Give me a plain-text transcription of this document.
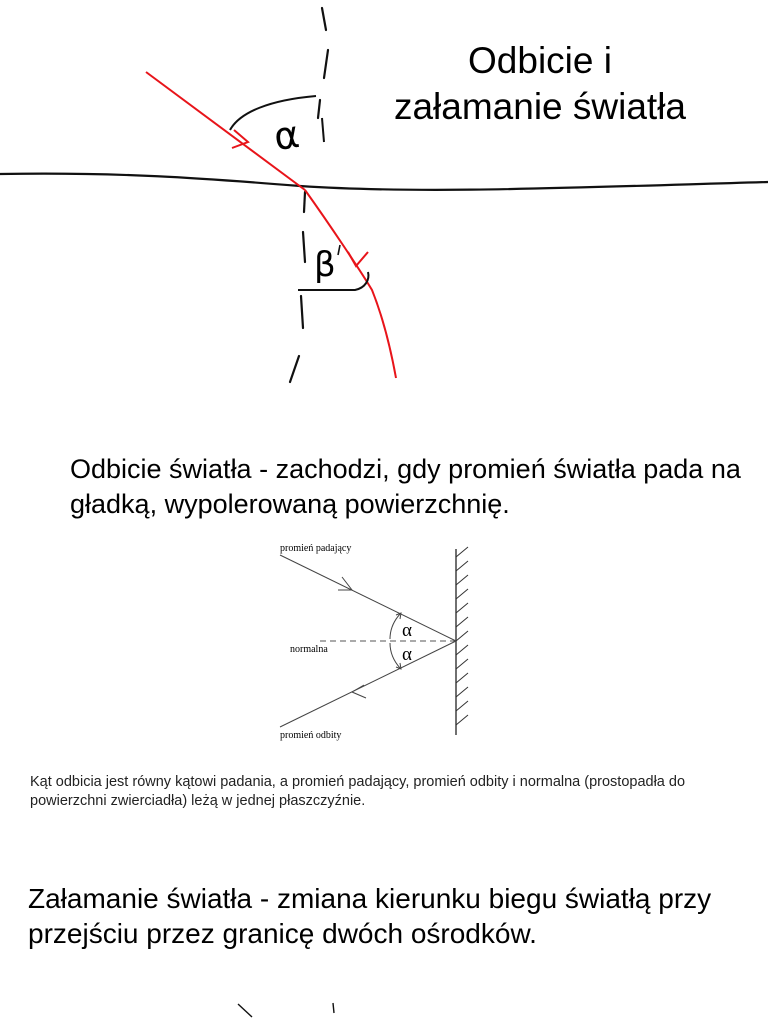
α
β
Odbicie i
załamanie światła
Odbicie światła - zachodzi, gdy promień światła pada na gładką, wypolerowaną powierzchnię.
promień padający
normalna
promień odbity
α
α
Kąt odbicia jest równy kątowi padania, a promień padający, promień odbity i normalna (prostopadła do powierzchni zwierciadła) leżą w jednej płaszczyźnie.
Załamanie światła - zmiana kierunku biegu światłą przy przejściu przez granicę dwóch ośrodków.
